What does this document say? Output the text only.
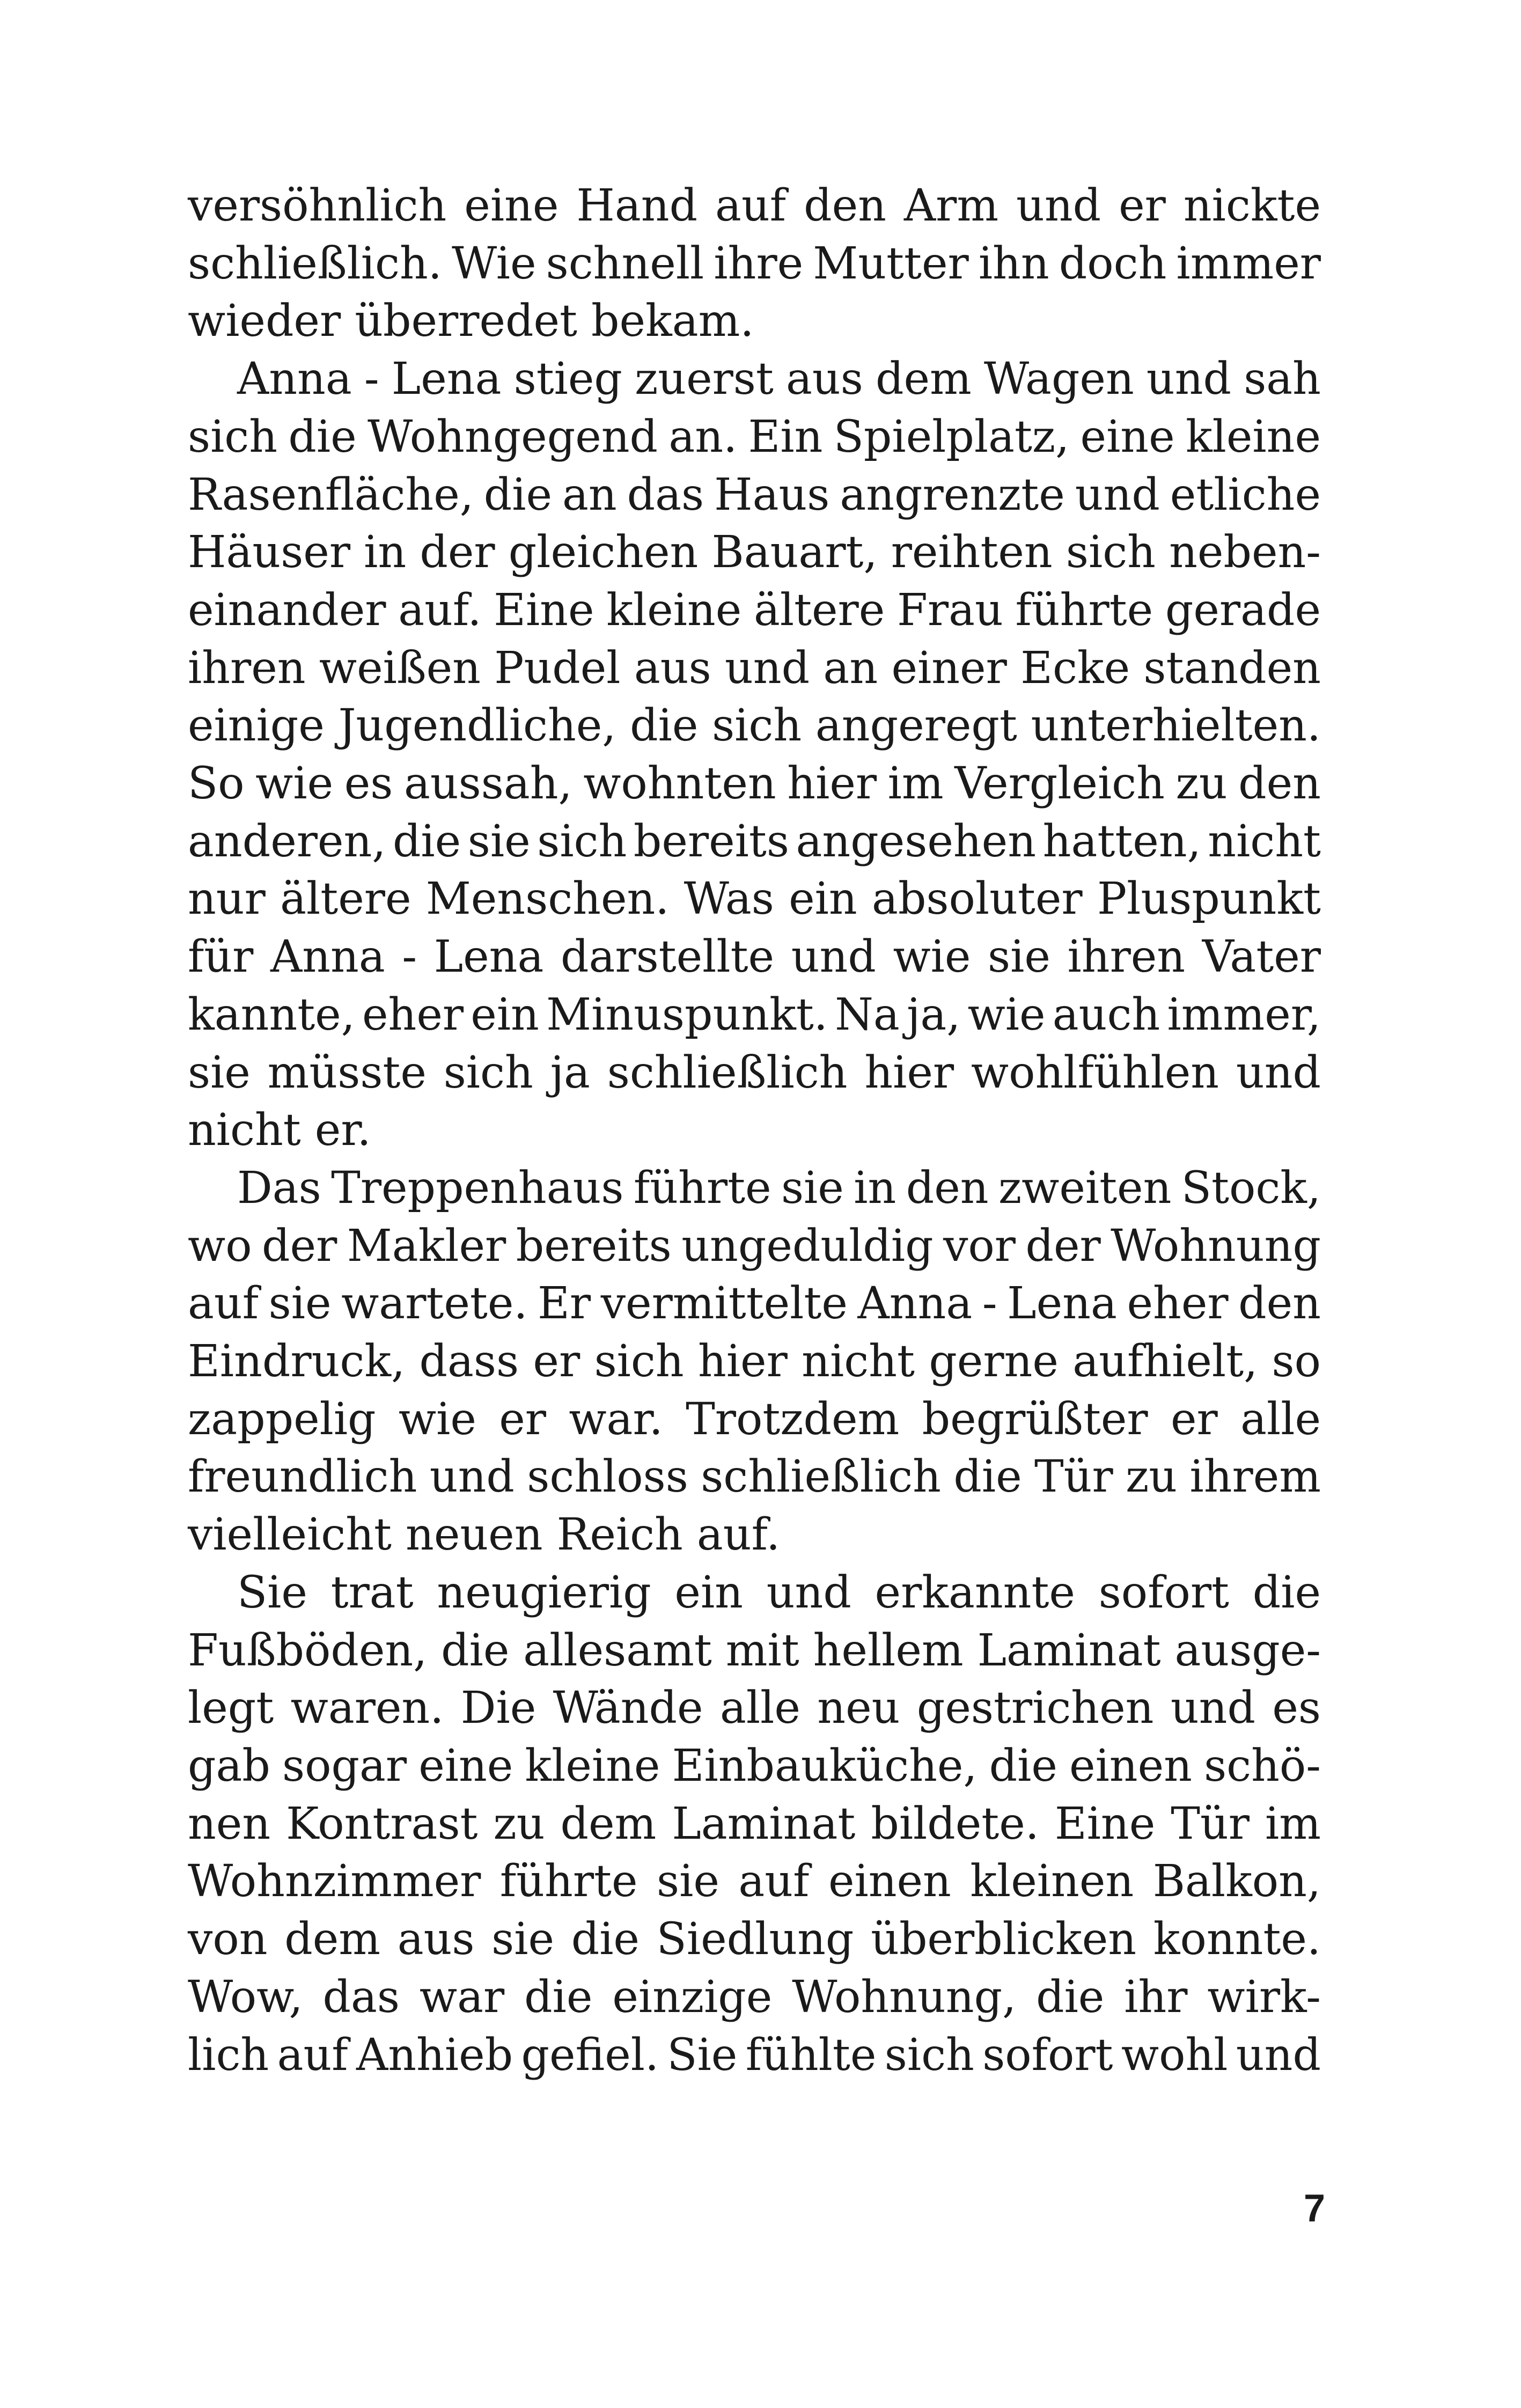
versöhnlich eine Hand auf den Arm und er nickte
schließlich. Wie schnell ihre Mutter ihn doch immer
wieder überredet bekam.
Anna - Lena stieg zuerst aus dem Wagen und sah
sich die Wohngegend an. Ein Spielplatz, eine kleine
Rasenfläche, die an das Haus angrenzte und etliche
Häuser in der gleichen Bauart, reihten sich neben-
einander auf. Eine kleine ältere Frau führte gerade
ihren weißen Pudel aus und an einer Ecke standen
einige Jugendliche, die sich angeregt unterhielten.
So wie es aussah, wohnten hier im Vergleich zu den
anderen, die sie sich bereits angesehen hatten, nicht
nur ältere Menschen. Was ein absoluter Pluspunkt
für Anna - Lena darstellte und wie sie ihren Vater
kannte, eher ein Minuspunkt. Na ja, wie auch immer,
sie müsste sich ja schließlich hier wohlfühlen und
nicht er.
Das Treppenhaus führte sie in den zweiten Stock,
wo der Makler bereits ungeduldig vor der Wohnung
auf sie wartete. Er vermittelte Anna - Lena eher den
Eindruck, dass er sich hier nicht gerne aufhielt, so
zappelig wie er war. Trotzdem begrüßter er alle
freundlich und schloss schließlich die Tür zu ihrem
vielleicht neuen Reich auf.
Sie trat neugierig ein und erkannte sofort die
Fußböden, die allesamt mit hellem Laminat ausge-
legt waren. Die Wände alle neu gestrichen und es
gab sogar eine kleine Einbauküche, die einen schö-
nen Kontrast zu dem Laminat bildete. Eine Tür im
Wohnzimmer führte sie auf einen kleinen Balkon,
von dem aus sie die Siedlung überblicken konnte.
Wow, das war die einzige Wohnung, die ihr wirk-
lich auf Anhieb gefiel. Sie fühlte sich sofort wohl und
7
